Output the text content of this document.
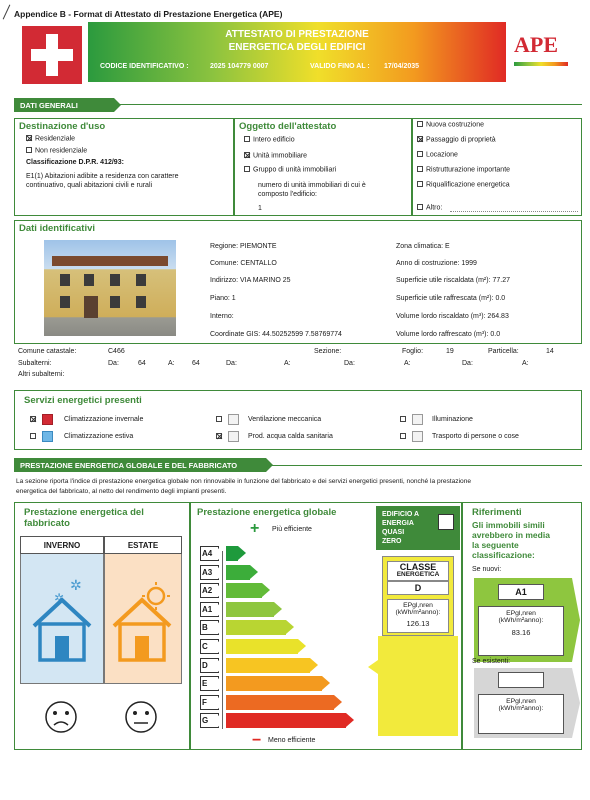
Appendice B - Format di Attestato di Prestazione Energetica (APE)
ATTESTATO DI PRESTAZIONE
ENERGETICA DEGLI EDIFICI
CODICE IDENTIFICATIVO :	2025 104779 0007	VALIDO FINO AL : 17/04/2035
APE
DATI GENERALI
Destinazione d'uso
Residenziale
Non residenziale
Classificazione D.P.R. 412/93:
E1(1) Abitazioni adibite a residenza con carattere
continuativo, quali abitazioni civili e rurali
Oggetto dell'attestato
Intero edificio
Unità immobiliare
Gruppo di unità immobiliari
numero di unità immobiliari di cui è
composto l'edificio:
1
Nuova costruzione
Passaggio di proprietà
Locazione
Ristrutturazione importante
Riqualificazione energetica
Altro:
Dati identificativi
Regione: PIEMONTE
Comune: CENTALLO
Indirizzo: VIA MARINO 25
Piano: 1
Interno:
Coordinate GIS: 44.50252599 7.58769774
Zona climatica: E
Anno di costruzione: 1999
Superficie utile riscaldata (m²): 77.27
Superficie utile raffrescata (m²): 0.0
Volume lordo riscaldato (m³): 264.83
Volume lordo raffrescato (m³): 0.0
Comune catastale:	C466	Sezione:	Foglio:	19	Particella:	14
Subalterni:	Da:	64	A: 64	Da:	A:	Da:	A:	Da:	A:
Altri subalterni:
Servizi energetici presenti
Climatizzazione invernale
Climatizzazione estiva
Ventilazione meccanica
Prod. acqua calda sanitaria
Illuminazione
Trasporto di persone o cose
PRESTAZIONE ENERGETICA GLOBALE E DEL FABBRICATO
La sezione riporta l'indice di prestazione energetica globale non rinnovabile in funzione del fabbricato e dei servizi energetici presenti, nonché la prestazione
energetica del fabbricato, al netto del rendimento degli impianti presenti.
Prestazione energetica del
fabbricato
INVERNO	ESTATE
✲
✲
Prestazione energetica globale
+ Più efficiente
A4
A3
A2
A1
B
C
D
E
F
G
− Meno efficiente
EDIFICIO A
ENERGIA
QUASI
ZERO
CLASSE
ENERGETICA
D
EPgl,nren
(kWh/m²anno):
126.13
Riferimenti
Gli immobili simili
avrebbero in media
la seguente
classificazione:
Se nuovi:
A1
EPgl,nren
(kWh/m²anno):
83.16
Se esistenti:
EPgl,nren
(kWh/m²anno):
